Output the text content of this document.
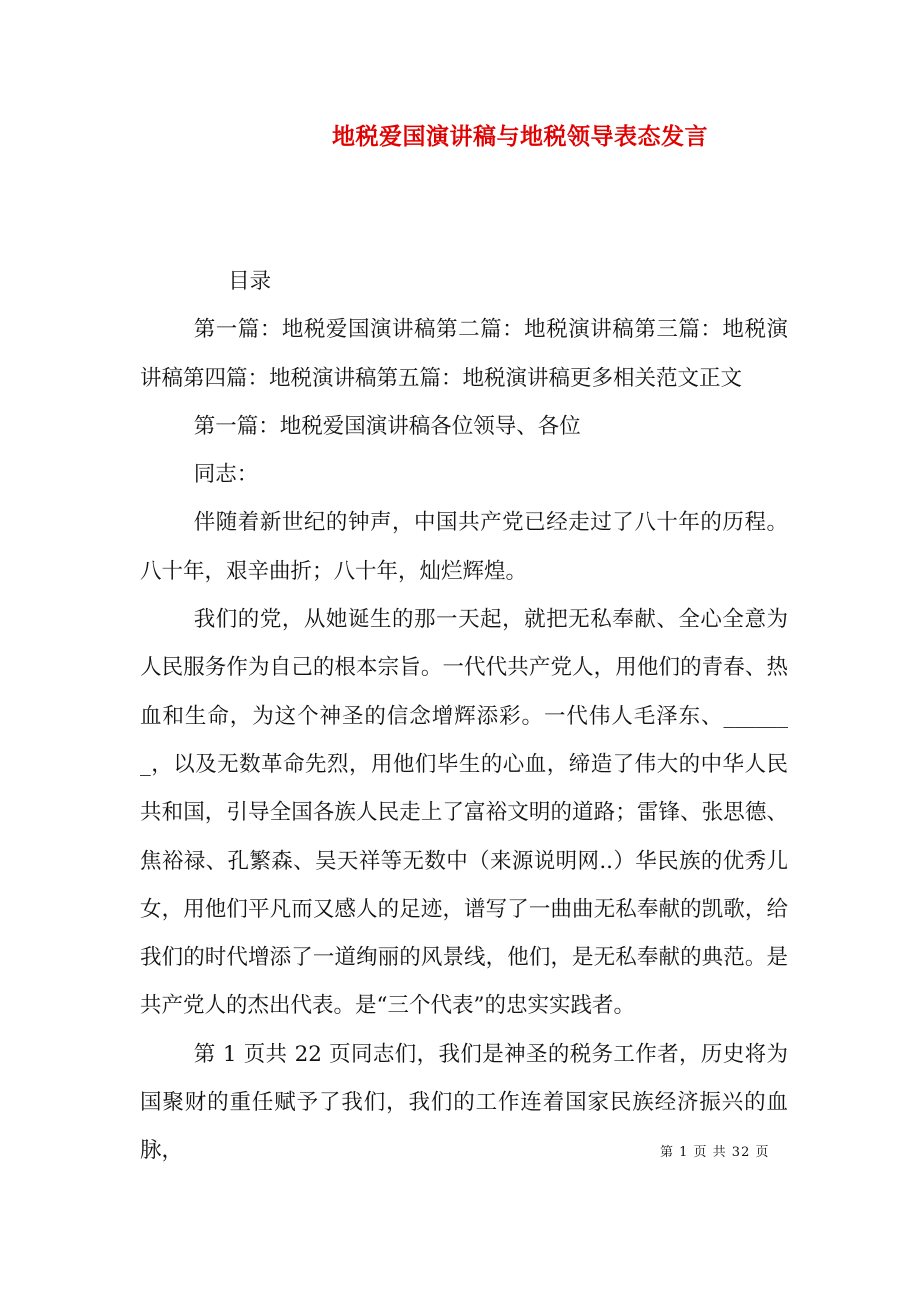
地税爱国演讲稿与地税领导表态发言

目录

第一篇：地税爱国演讲稿第二篇：地税演讲稿第三篇：地税演讲稿第四篇：地税演讲稿第五篇：地税演讲稿更多相关范文正文

第一篇：地税爱国演讲稿各位领导、各位

同志：

伴随着新世纪的钟声，中国共产党已经走过了八十年的历程。八十年，艰辛曲折；八十年，灿烂辉煌。

我们的党，从她诞生的那一天起，就把无私奉献、全心全意为人民服务作为自己的根本宗旨。一代代共产党人，用他们的青春、热血和生命，为这个神圣的信念增辉添彩。一代伟人毛泽东、_______，以及无数革命先烈，用他们毕生的心血，缔造了伟大的中华人民共和国，引导全国各族人民走上了富裕文明的道路；雷锋、张思德、焦裕禄、孔繁森、吴天祥等无数中（来源说明网..）华民族的优秀儿女，用他们平凡而又感人的足迹，谱写了一曲曲无私奉献的凯歌，给我们的时代增添了一道绚丽的风景线，他们，是无私奉献的典范。是共产党人的杰出代表。是“三个代表”的忠实实践者。

第 1 页共 22 页同志们，我们是神圣的税务工作者，历史将为国聚财的重任赋予了我们，我们的工作连着国家民族经济振兴的血脉，	第 1 页 共 32 页
